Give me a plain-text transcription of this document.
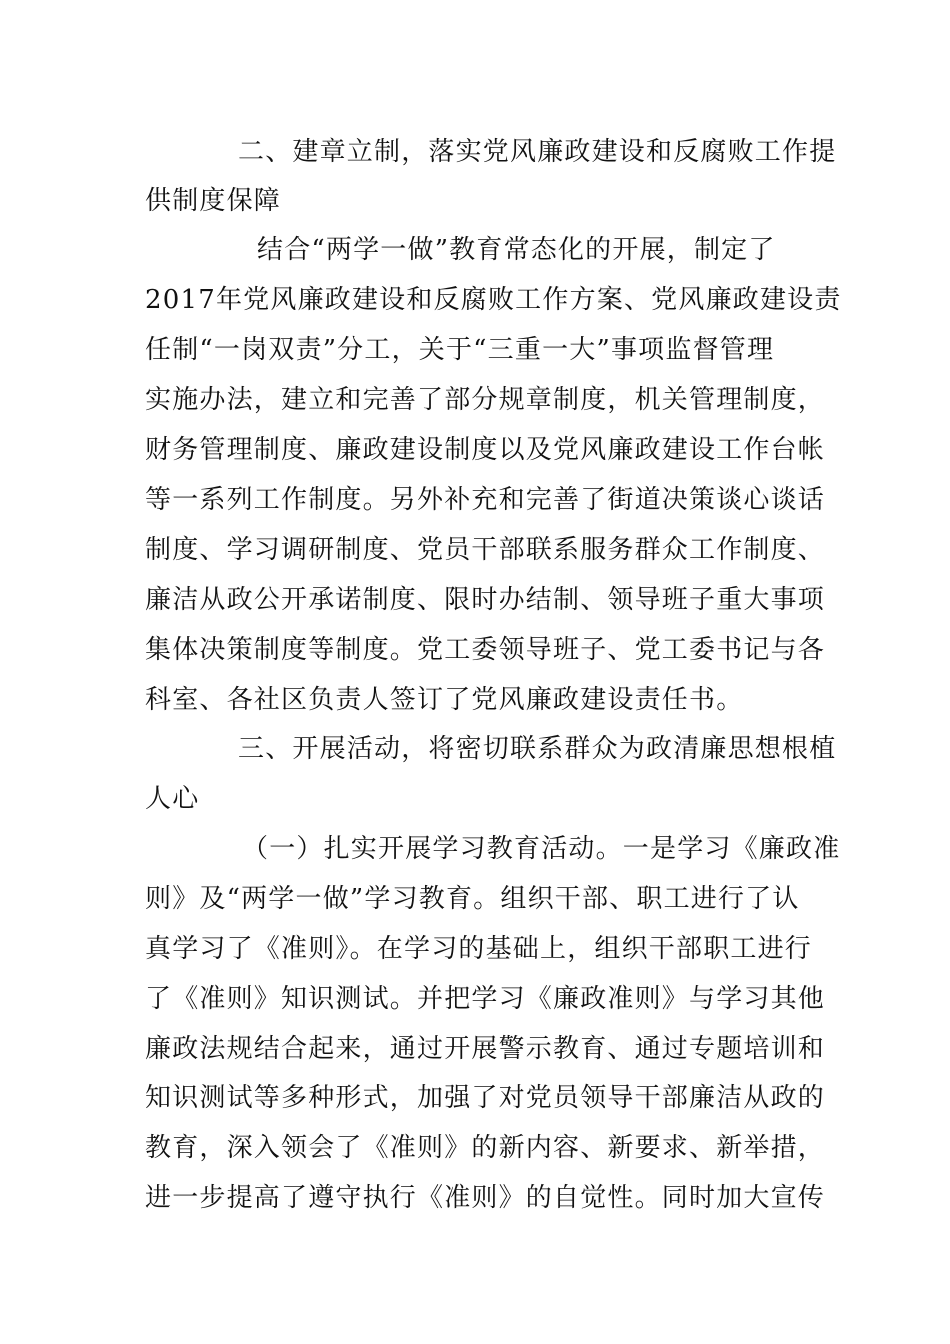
二、建章立制，落实党风廉政建设和反腐败工作提
供制度保障
结合“两学一做”教育常态化的开展，制定了
2017年党风廉政建设和反腐败工作方案、党风廉政建设责
任制“一岗双责”分工，关于“三重一大”事项监督管理
实施办法，建立和完善了部分规章制度，机关管理制度，
财务管理制度、廉政建设制度以及党风廉政建设工作台帐
等一系列工作制度。另外补充和完善了街道决策谈心谈话
制度、学习调研制度、党员干部联系服务群众工作制度、
廉洁从政公开承诺制度、限时办结制、领导班子重大事项
集体决策制度等制度。党工委领导班子、党工委书记与各
科室、各社区负责人签订了党风廉政建设责任书。
三、开展活动，将密切联系群众为政清廉思想根植
人心
（一）扎实开展学习教育活动。一是学习《廉政准
则》及“两学一做”学习教育。组织干部、职工进行了认
真学习了《准则》。在学习的基础上，组织干部职工进行
了《准则》知识测试。并把学习《廉政准则》与学习其他
廉政法规结合起来，通过开展警示教育、通过专题培训和
知识测试等多种形式，加强了对党员领导干部廉洁从政的
教育，深入领会了《准则》的新内容、新要求、新举措，
进一步提高了遵守执行《准则》的自觉性。同时加大宣传
